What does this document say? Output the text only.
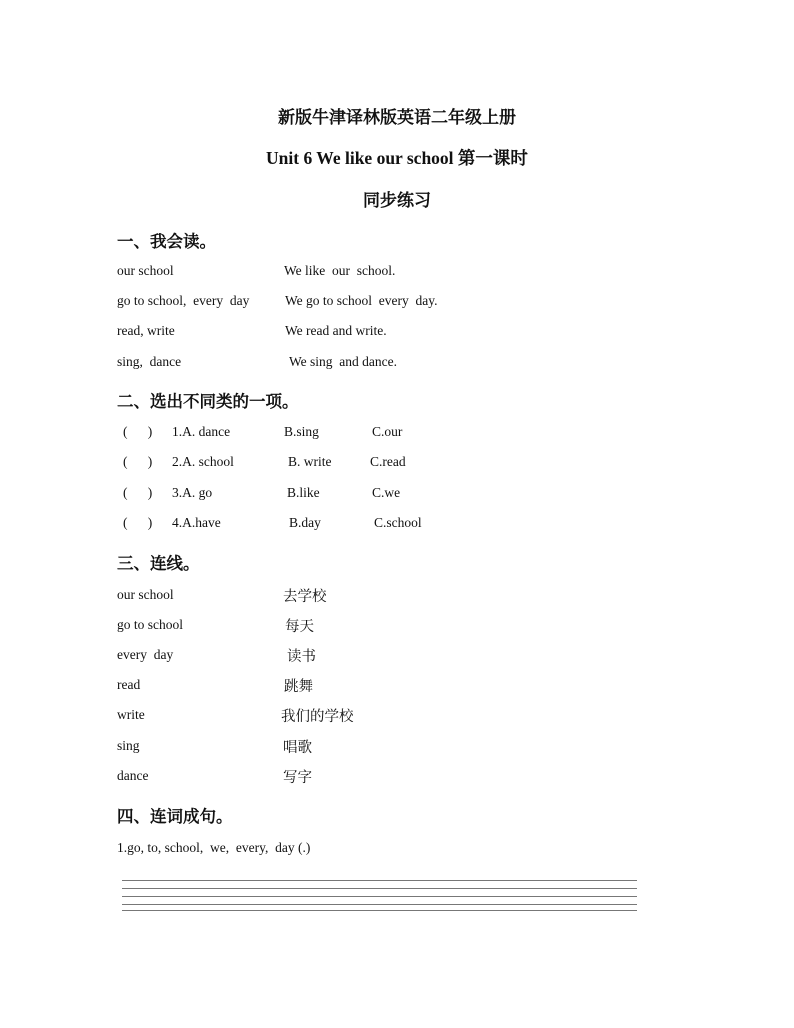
新版牛津译林版英语二年级上册
Unit 6 We like our school 第一课时
同步练习
一、我会读。
our school	We like  our  school.
go to school,  every  day	We go to school  every  day.
read, write	We read and write.
sing,  dance	We sing  and dance.
二、选出不同类的一项。
(      ) 1.A. dance	B.sing	C.our
(      ) 2.A. school	B. write	C.read
(      ) 3.A. go	B.like	C.we
(      ) 4.A.have	B.day	C.school
三、连线。
our school	去学校
go to school	每天
every  day	读书
read	跳舞
write	我们的学校
sing	唱歌
dance	写字
四、连词成句。
1.go, to, school,  we,  every,  day (.)
